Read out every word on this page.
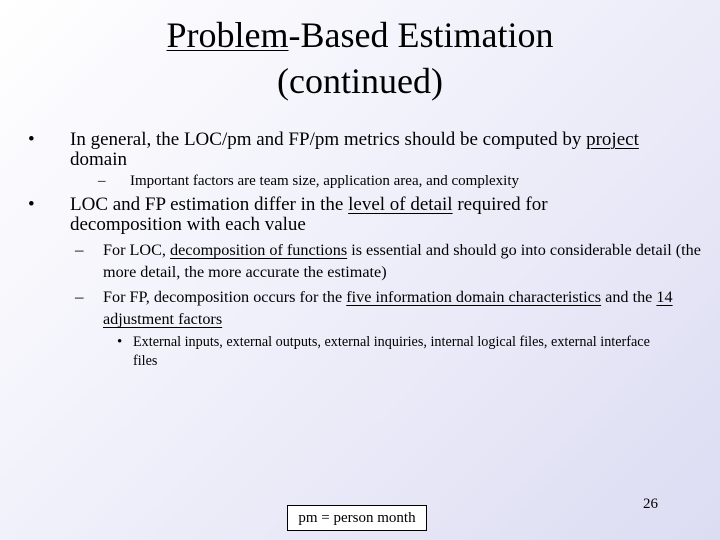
Problem-Based Estimation
(continued)
• In general, the LOC/pm and FP/pm metrics should be computed by project
domain
– Important factors are team size, application area, and complexity
• LOC and FP estimation differ in the level of detail required for decomposition with each value
– For LOC, decomposition of functions is essential and should go into considerable detail (the more detail, the more accurate the estimate)
– For FP, decomposition occurs for the five information domain characteristics and the 14 adjustment factors
• External inputs, external outputs, external inquiries, internal logical files, external interface files
pm = person month
26
